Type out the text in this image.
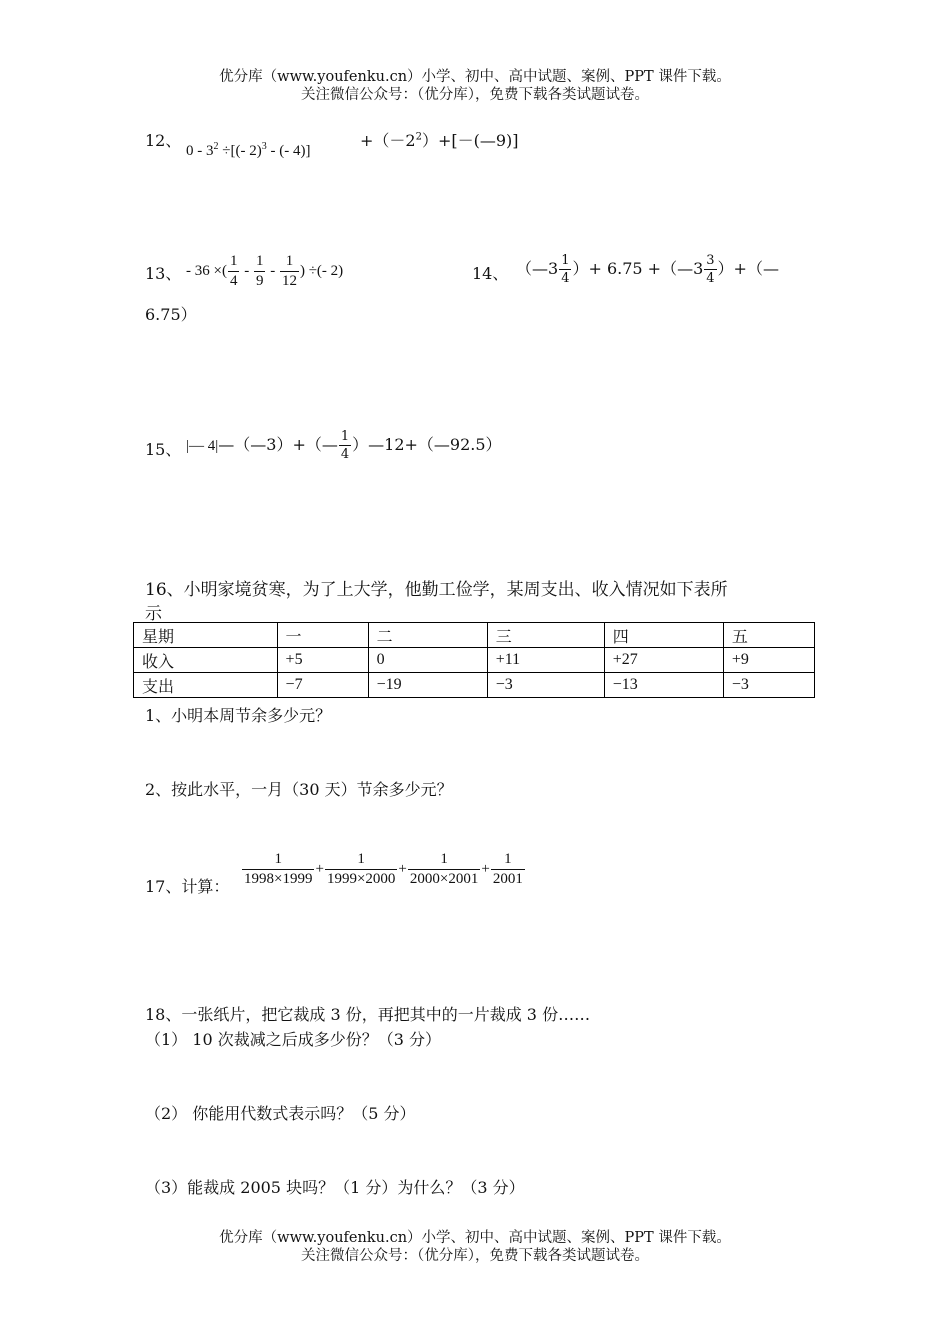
优分库（www.youfenku.cn）小学、初中、高中试题、案例、PPT 课件下载。
关注微信公众号：（优分库），免费下载各类试题试卷。
12、
$0 - 3^2$ ÷[(- 2)$^3$ - (- 4)]
$+(-2^2)+[-(—9)]$
13、 - 36 ×( $\frac{1}{4} - \frac{1}{9} - \frac{1}{12}$ ) ÷(- 2)	14、 （—3 $\frac{1}{4}$ ）+ 6.75 +（—3 $\frac{3}{4}$ ）+（—
6.75）
15、 |— 4|—（—3）+（— $\frac{1}{4}$ ）—12+（—92.5）
16、小明家境贫寒，为了上大学，他勤工俭学，某周支出、收入情况如下表所
示
星期	一	二	三	四	五
收入	+5	0	+11	+27	+9
支出	−7	−19	−3	−13	−3
1、小明本周节余多少元？
2、按此水平，一月（30 天）节余多少元？
17、计算： $\frac{1}{1998\times 1999} + \frac{1}{1999\times 2000} + \frac{1}{2000\times 2001} + \frac{1}{2001}$
18、一张纸片，把它裁成 3 份，再把其中的一片裁成 3 份……
（1） 10 次裁减之后成多少份？（3 分）
（2） 你能用代数式表示吗？（5 分）
（3）能裁成 2005 块吗？（1 分）为什么？（3 分）
优分库（www.youfenku.cn）小学、初中、高中试题、案例、PPT 课件下载。
关注微信公众号：（优分库），免费下载各类试题试卷。
